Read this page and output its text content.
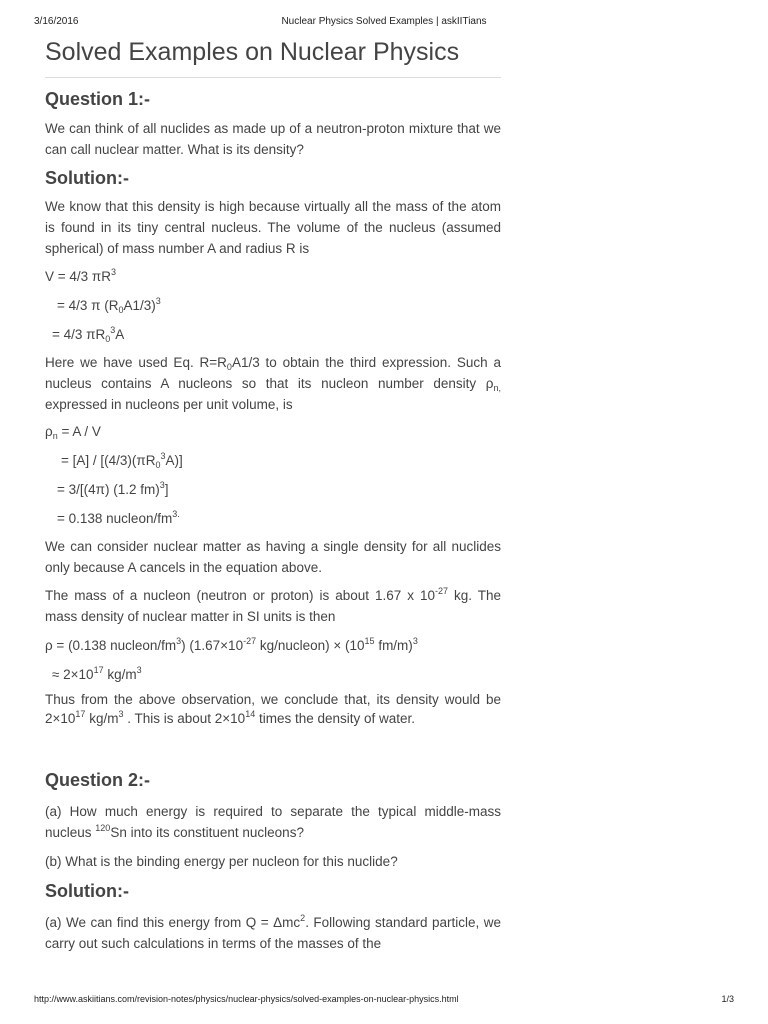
3/16/2016	Nuclear Physics Solved Examples | askIITians
Solved Examples on Nuclear Physics
Question 1:-

We can think of all nuclides as made up of a neutron-proton mixture that we can call nuclear matter. What is its density?

Solution:-

We know that this density is high because virtually all the mass of the atom is found in its tiny central nucleus. The volume of the nucleus (assumed spherical) of mass number A and radius R is

V = 4/3 $\pi R^3$

= 4/3 π $(R_0A1/3)^3$

= 4/3 $\pi R_0^3A$

Here we have used Eq. $R=R_0A1/3$ to obtain the third expression. Such a nucleus contains A nucleons so that its nucleon number density $\rho_{n,}$ expressed in nucleons per unit volume, is

$\rho_n = A / V$

= $[A] / [(4/3)(\pi R_0^3A)]$

= 3/[(4π) (1.2 fm)$^3$]

= 0.138 nucleon/$fm^{3.}$

We can consider nuclear matter as having a single density for all nuclides only because A cancels in the equation above.

The mass of a nucleon (neutron or proton) is about 1.67 x $10^{-27}$ kg. The mass density of nuclear matter in SI units is then

ρ = (0.138 nucleon/$fm^3$) ($1.67\times 10^{-27}$ kg/nucleon) × ($10^{15}$ fm/m)$^3$

≈ $2\times 10^{17}$ $kg/m^3$

Thus from the above observation, we conclude that, its density would be $2\times 10^{17}$ $kg/m^3$ . This is about $2\times 10^{14}$ times the density of water.

Question 2:-

(a) How much energy is required to separate the typical middle-mass nucleus $^{120}$Sn into its constituent nucleons?

(b) What is the binding energy per nucleon for this nuclide?

Solution:-

(a) We can find this energy from Q = Δmc$^2$. Following standard particle, we carry out such calculations in terms of the masses of the

http://www.askiitians.com/revision-notes/physics/nuclear-physics/solved-examples-on-nuclear-physics.html	1/3
